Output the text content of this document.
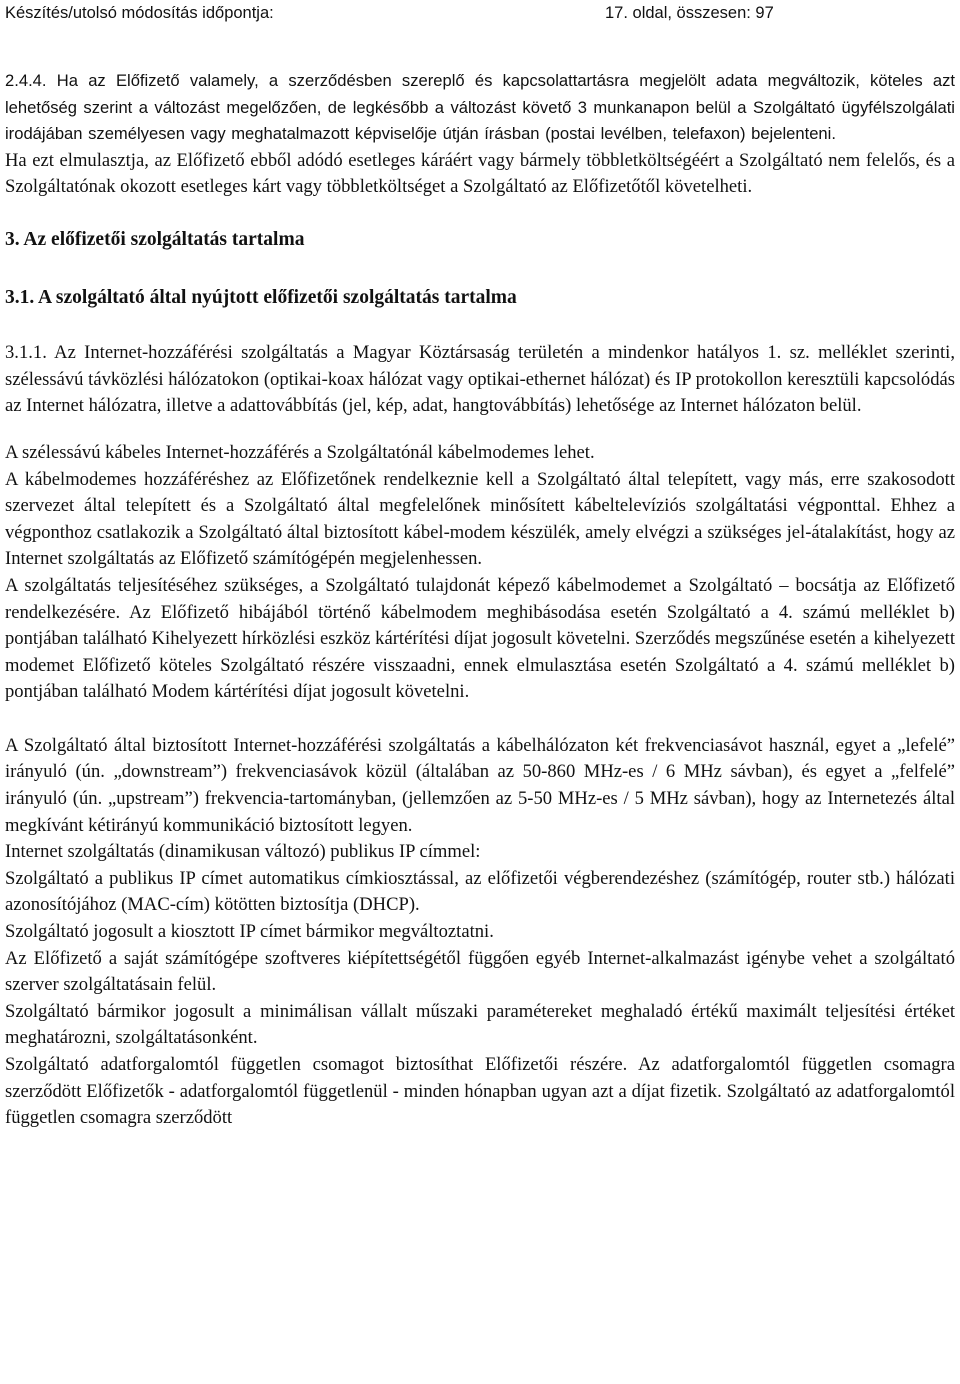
Készítés/utolsó módosítás időpontja:	17. oldal, összesen: 97

2.4.4. Ha az Előfizető valamely, a szerződésben szereplő és kapcsolattartásra megjelölt adata megváltozik, köteles azt lehetőség szerint a változást megelőzően, de legkésőbb a változást követő 3 munkanapon belül a Szolgáltató ügyfélszolgálati irodájában személyesen vagy meghatalmazott képviselője útján írásban (postai levélben, telefaxon) bejelenteni.

Ha ezt elmulasztja, az Előfizető ebből adódó esetleges káráért vagy bármely többletköltségéért a Szolgáltató nem felelős, és a Szolgáltatónak okozott esetleges kárt vagy többletköltséget a Szolgáltató az Előfizetőtől követelheti.

3. Az előfizetői szolgáltatás tartalma

3.1. A szolgáltató által nyújtott előfizetői szolgáltatás tartalma

3.1.1. Az Internet-hozzáférési szolgáltatás a Magyar Köztársaság területén a mindenkor hatályos 1. sz. melléklet szerinti, szélessávú távközlési hálózatokon (optikai-koax hálózat vagy optikai-ethernet hálózat) és IP protokollon keresztüli kapcsolódás az Internet hálózatra, illetve a adattovábbítás (jel, kép, adat, hangtovábbítás) lehetősége az Internet hálózaton belül.

A szélessávú kábeles Internet-hozzáférés a Szolgáltatónál kábelmodemes lehet.

A kábelmodemes hozzáféréshez az Előfizetőnek rendelkeznie kell a Szolgáltató által telepített, vagy más, erre szakosodott szervezet által telepített és a Szolgáltató által megfelelőnek minősített kábeltelevíziós szolgáltatási végponttal. Ehhez a végponthoz csatlakozik a Szolgáltató által biztosított kábel-modem készülék, amely elvégzi a szükséges jel-átalakítást, hogy az Internet szolgáltatás az Előfizető számítógépén megjelenhessen.

A szolgáltatás teljesítéséhez szükséges, a Szolgáltató tulajdonát képező kábelmodemet a Szolgáltató – bocsátja az Előfizető rendelkezésére. Az Előfizető hibájából történő kábelmodem meghibásodása esetén Szolgáltató a 4. számú melléklet b) pontjában található Kihelyezett hírközlési eszköz kártérítési díjat jogosult követelni. Szerződés megszűnése esetén a kihelyezett modemet Előfizető köteles Szolgáltató részére visszaadni, ennek elmulasztása esetén Szolgáltató a 4. számú melléklet b) pontjában található Modem kártérítési díjat jogosult követelni.

A Szolgáltató által biztosított Internet-hozzáférési szolgáltatás a kábelhálózaton két frekvenciasávot használ, egyet a „lefelé” irányuló (ún. „downstream”) frekvenciasávok közül (általában az 50-860 MHz-es / 6 MHz sávban), és egyet a „felfelé” irányuló (ún. „upstream”) frekvencia-tartományban, (jellemzően az 5-50 MHz-es / 5 MHz sávban), hogy az Internetezés által megkívánt kétirányú kommunikáció biztosított legyen.

Internet szolgáltatás (dinamikusan változó) publikus IP címmel:

Szolgáltató a publikus IP címet automatikus címkiosztással, az előfizetői végberendezéshez (számítógép, router stb.) hálózati azonosítójához (MAC-cím) kötötten biztosítja (DHCP).

Szolgáltató jogosult a kiosztott IP címet bármikor megváltoztatni.

Az Előfizető a saját számítógépe szoftveres kiépítettségétől függően egyéb Internet-alkalmazást igénybe vehet a szolgáltató szerver szolgáltatásain felül.

Szolgáltató bármikor jogosult a minimálisan vállalt műszaki paramétereket meghaladó értékű maximált teljesítési értéket meghatározni, szolgáltatásonként.

Szolgáltató adatforgalomtól független csomagot biztosíthat Előfizetői részére. Az adatforgalomtól független csomagra szerződött Előfizetők - adatforgalomtól függetlenül - minden hónapban ugyan azt a díjat fizetik. Szolgáltató az adatforgalomtól független csomagra szerződött
